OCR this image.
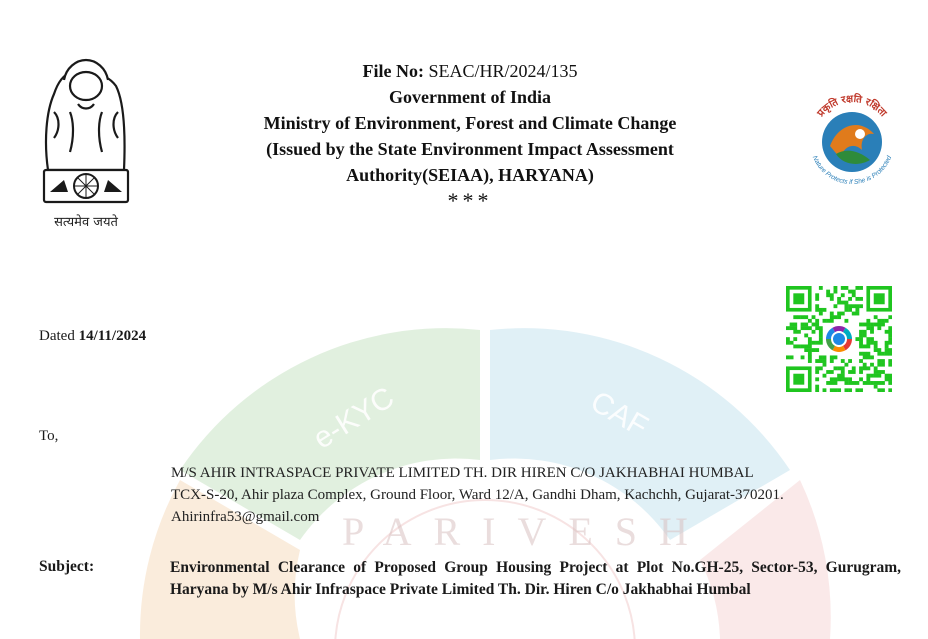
e-KYC	CAF
PARIVESH
सत्यमेव जयते
File No: SEAC/HR/2024/135
Government of India
Ministry of Environment, Forest and Climate Change
(Issued by the State Environment Impact Assessment
Authority(SEIAA), HARYANA)
***
प्रकृति रक्षति रक्षिता
Nature Protects if She is Protected
Dated 14/11/2024
To,
M/S AHIR INTRASPACE PRIVATE LIMITED TH. DIR HIREN C/O JAKHABHAI HUMBAL
TCX-S-20, Ahir plaza Complex, Ground Floor, Ward 12/A, Gandhi Dham, Kachchh, Gujarat-370201.
Ahirinfra53@gmail.com
Subject:	Environmental Clearance of Proposed Group Housing Project at Plot No.GH-25, Sector-53, Gurugram, Haryana by M/s Ahir Infraspace Private Limited Th. Dir. Hiren C/o Jakhabhai Humbal
